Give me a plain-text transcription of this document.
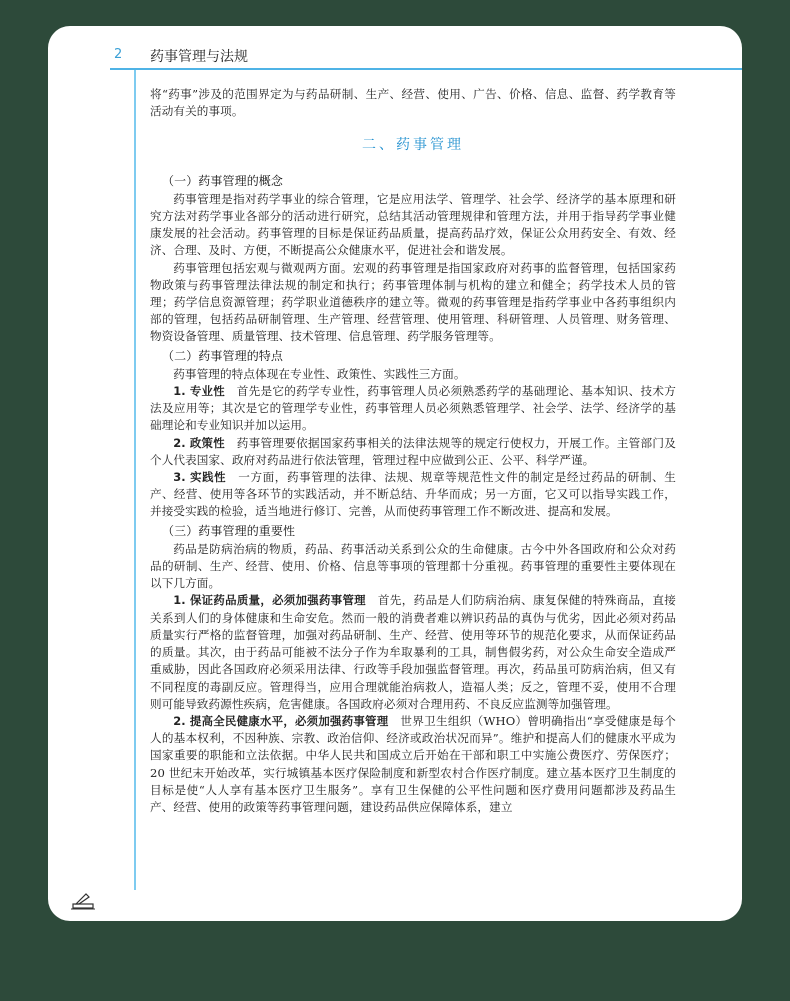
2 药事管理与法规

将“药事”涉及的范围界定为与药品研制、生产、经营、使用、广告、价格、信息、监督、药学教育等活动有关的事项。

二、药事管理
（一）药事管理的概念

药事管理是指对药学事业的综合管理，它是应用法学、管理学、社会学、经济学的基本原理和研究方法对药学事业各部分的活动进行研究，总结其活动管理规律和管理方法，并用于指导药学事业健康发展的社会活动。药事管理的目标是保证药品质量，提高药品疗效，保证公众用药安全、有效、经济、合理、及时、方便，不断提高公众健康水平，促进社会和谐发展。

药事管理包括宏观与微观两方面。宏观的药事管理是指国家政府对药事的监督管理，包括国家药物政策与药事管理法律法规的制定和执行；药事管理体制与机构的建立和健全；药学技术人员的管理；药学信息资源管理；药学职业道德秩序的建立等。微观的药事管理是指药学事业中各药事组织内部的管理，包括药品研制管理、生产管理、经营管理、使用管理、科研管理、人员管理、财务管理、物资设备管理、质量管理、技术管理、信息管理、药学服务管理等。

（二）药事管理的特点

药事管理的特点体现在专业性、政策性、实践性三方面。

1. 专业性　 首先是它的药学专业性，药事管理人员必须熟悉药学的基础理论、基本知识、技术方法及应用等；其次是它的管理学专业性，药事管理人员必须熟悉管理学、社会学、法学、经济学的基础理论和专业知识并加以运用。

2. 政策性　 药事管理要依据国家药事相关的法律法规等的规定行使权力，开展工作。主管部门及个人代表国家、政府对药品进行依法管理，管理过程中应做到公正、公平、科学严谨。

3. 实践性　 一方面，药事管理的法律、法规、规章等规范性文件的制定是经过药品的研制、生产、经营、使用等各环节的实践活动，并不断总结、升华而成；另一方面，它又可以指导实践工作，并接受实践的检验，适当地进行修订、完善，从而使药事管理工作不断改进、提高和发展。

（三）药事管理的重要性

药品是防病治病的物质，药品、药事活动关系到公众的生命健康。古今中外各国政府和公众对药品的研制、生产、经营、使用、价格、信息等事项的管理都十分重视。药事管理的重要性主要体现在以下几方面。

1. 保证药品质量，必须加强药事管理　 首先，药品是人们防病治病、康复保健的特殊商品，直接关系到人们的身体健康和生命安危。然而一般的消费者难以辨识药品的真伪与优劣，因此必须对药品质量实行严格的监督管理，加强对药品研制、生产、经营、使用等环节的规范化要求，从而保证药品的质量。其次，由于药品可能被不法分子作为牟取暴利的工具，制售假劣药，对公众生命安全造成严重威胁，因此各国政府必须采用法律、行政等手段加强监督管理。再次，药品虽可防病治病，但又有不同程度的毒副反应。管理得当，应用合理就能治病救人，造福人类；反之，管理不妥，使用不合理则可能导致药源性疾病，危害健康。各国政府必须对合理用药、不良反应监测等加强管理。

2. 提高全民健康水平，必须加强药事管理　 世界卫生组织（WHO）曾明确指出“享受健康是每个人的基本权利，不因种族、宗教、政治信仰、经济或政治状况而异”。维护和提高人们的健康水平成为国家重要的职能和立法依据。中华人民共和国成立后开始在干部和职工中实施公费医疗、劳保医疗；20 世纪末开始改革，实行城镇基本医疗保险制度和新型农村合作医疗制度。建立基本医疗卫生制度的目标是使“人人享有基本医疗卫生服务”。享有卫生保健的公平性问题和医疗费用问题都涉及药品生产、经营、使用的政策等药事管理问题，建设药品供应保障体系，建立
